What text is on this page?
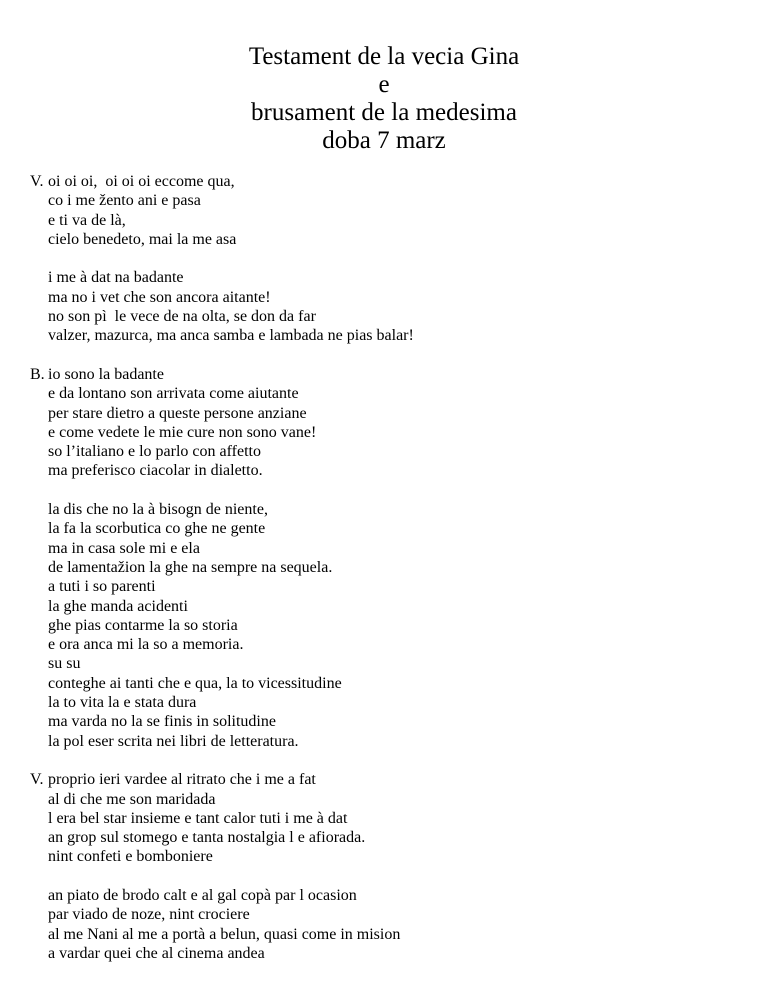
Testament de la vecia Gina
e
brusament de la medesima
doba 7 marz
V. oi oi oi,  oi oi oi eccome qua,
co i me žento ani e pasa
e ti va de là,
cielo benedeto, mai la me asa
i me à dat na badante
ma no i vet che son ancora aitante!
no son pì  le vece de na olta, se don da far
valzer, mazurca, ma anca samba e lambada ne pias balar!
B. io sono la badante
e da lontano son arrivata come aiutante
per stare dietro a queste persone anziane
e come vedete le mie cure non sono vane!
so l’italiano e lo parlo con affetto
ma preferisco ciacolar in dialetto.
la dis che no la à bisogn de niente,
la fa la scorbutica co ghe ne gente
ma in casa sole mi e ela
de lamentažion la ghe na sempre na sequela.
a tuti i so parenti
la ghe manda acidenti
ghe pias contarme la so storia
e ora anca mi la so a memoria.
su su
conteghe ai tanti che e qua, la to vicessitudine
la to vita la e stata dura
ma varda no la se finis in solitudine
la pol eser scrita nei libri de letteratura.
V. proprio ieri vardee al ritrato che i me a fat
al di che me son maridada
l era bel star insieme e tant calor tuti i me à dat
an grop sul stomego e tanta nostalgia l e afiorada.
nint confeti e bomboniere
an piato de brodo calt e al gal copà par l ocasion
par viado de noze, nint crociere
al me Nani al me a portà a belun, quasi come in mision
a vardar quei che al cinema andea
